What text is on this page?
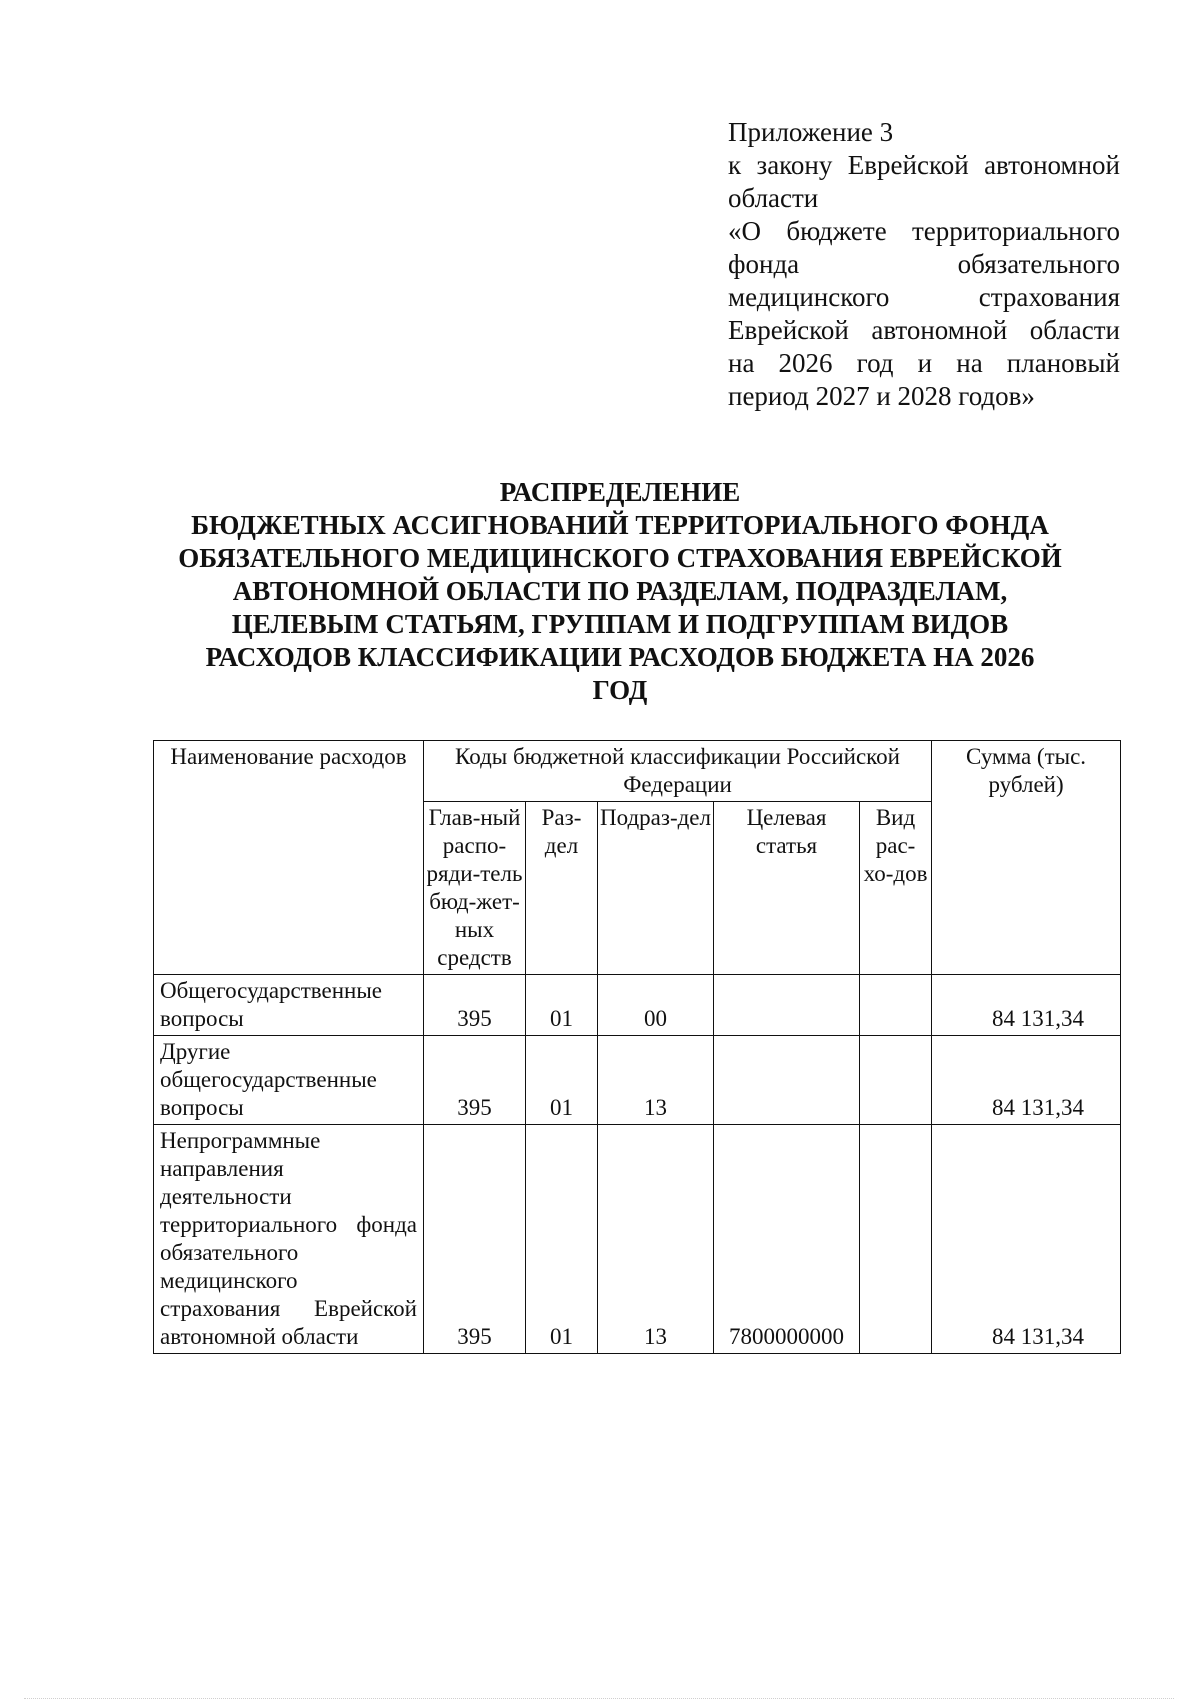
Приложение 3
к закону Еврейской автономной области
«О бюджете территориального фонда обязательного медицинского страхования Еврейской автономной области на 2026 год и на плановый период 2027 и 2028 годов»
РАСПРЕДЕЛЕНИЕ
БЮДЖЕТНЫХ АССИГНОВАНИЙ ТЕРРИТОРИАЛЬНОГО ФОНДА
ОБЯЗАТЕЛЬНОГО МЕДИЦИНСКОГО СТРАХОВАНИЯ ЕВРЕЙСКОЙ
АВТОНОМНОЙ ОБЛАСТИ ПО РАЗДЕЛАМ, ПОДРАЗДЕЛАМ,
ЦЕЛЕВЫМ СТАТЬЯМ, ГРУППАМ И ПОДГРУППАМ ВИДОВ
РАСХОДОВ КЛАССИФИКАЦИИ РАСХОДОВ БЮДЖЕТА НА 2026
ГОД
Наименование расходов	Коды бюджетной классификации Российской Федерации					Сумма (тыс. рублей)
	Глав-ный распо-ряди-тель бюд-жет-ных средств	Раз-дел	Подраз-дел	Целевая статья	Вид рас-хо-дов	
Общегосударственные вопросы	395	01	00			84 131,34
Другие общегосударственные вопросы	395	01	13			84 131,34
Непрограммные направления деятельности территориального фонда обязательного медицинского страхования Еврейской автономной области	395	01	13	7800000000		84 131,34
